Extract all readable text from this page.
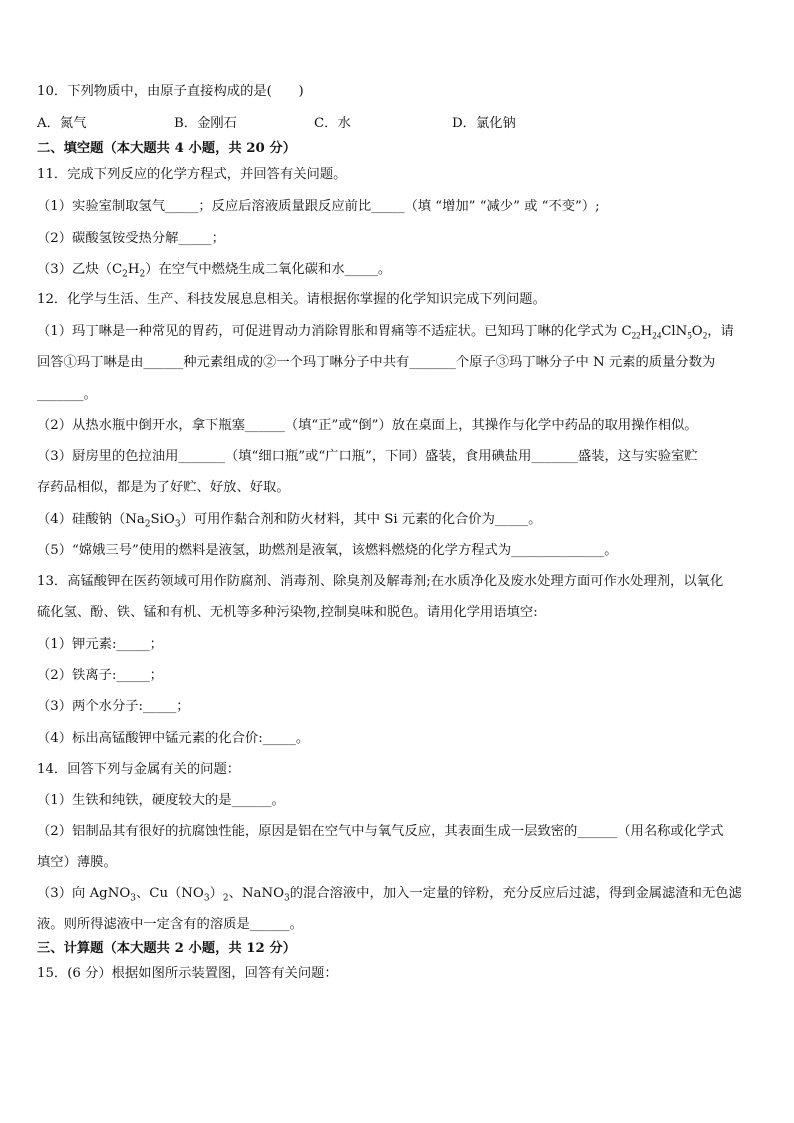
10．下列物质中，由原子直接构成的是(　　)
A．氮气	B．金刚石	C．水	D．氯化钠
二、填空题（本大题共 4 小题，共 20 分）
11．完成下列反应的化学方程式，并回答有关问题。
（1）实验室制取氢气_____；反应后溶液质量跟反应前比_____（填 “增加” “减少” 或 “不变”）;
（2）碳酸氢铵受热分解_____；
（3）乙炔$(C_2H_2)$在空气中燃烧生成二氧化碳和水_____。
12．化学与生活、生产、科技发展息息相关。请根据你掌握的化学知识完成下列问题。
（1）玛丁啉是一种常见的胃药，可促进胃动力消除胃胀和胃痛等不适症状。已知玛丁啉的化学式为 $C_{22}H_{24}ClN_5O_2$，请
回答①玛丁啉是由______种元素组成的②一个玛丁啉分子中共有_______个原子③玛丁啉分子中 N 元素的质量分数为
_______。
（2）从热水瓶中倒开水，拿下瓶塞______（填“正”或“倒”）放在桌面上，其操作与化学中药品的取用操作相似。
（3）厨房里的色拉油用_______（填“细口瓶”或“广口瓶”，下同）盛装，食用碘盐用_______盛装，这与实验室贮
存药品相似，都是为了好贮、好放、好取。
（4）硅酸钠$(Na_2SiO_3)$可用作黏合剂和防火材料，其中 Si 元素的化合价为_____。
（5）“嫦娥三号”使用的燃料是液氢，助燃剂是液氧，该燃料燃烧的化学方程式为______________。
13．高锰酸钾在医药领域可用作防腐剂、消毒剂、除臭剂及解毒剂;在水质净化及废水处理方面可作水处理剂，以氧化
硫化氢、酚、铁、锰和有机、无机等多种污染物,控制臭味和脱色。请用化学用语填空:
（1）钾元素:_____；
（2）铁离子:_____；
（3）两个水分子:_____；
（4）标出高锰酸钾中锰元素的化合价:_____。
14．回答下列与金属有关的问题：
（1）生铁和纯铁，硬度较大的是______。
（2）铝制品其有很好的抗腐蚀性能，原因是铝在空气中与氧气反应，其表面生成一层致密的______（用名称或化学式
填空）薄膜。
（3）向 AgNO$_3$、$Cu(NO_3)_2$、NaNO$_3$的混合溶液中，加入一定量的锌粉，充分反应后过滤，得到金属滤渣和无色滤
液。则所得滤液中一定含有的溶质是______。
三、计算题（本大题共 2 小题，共 12 分）
15．(6 分）根据如图所示装置图，回答有关问题：
